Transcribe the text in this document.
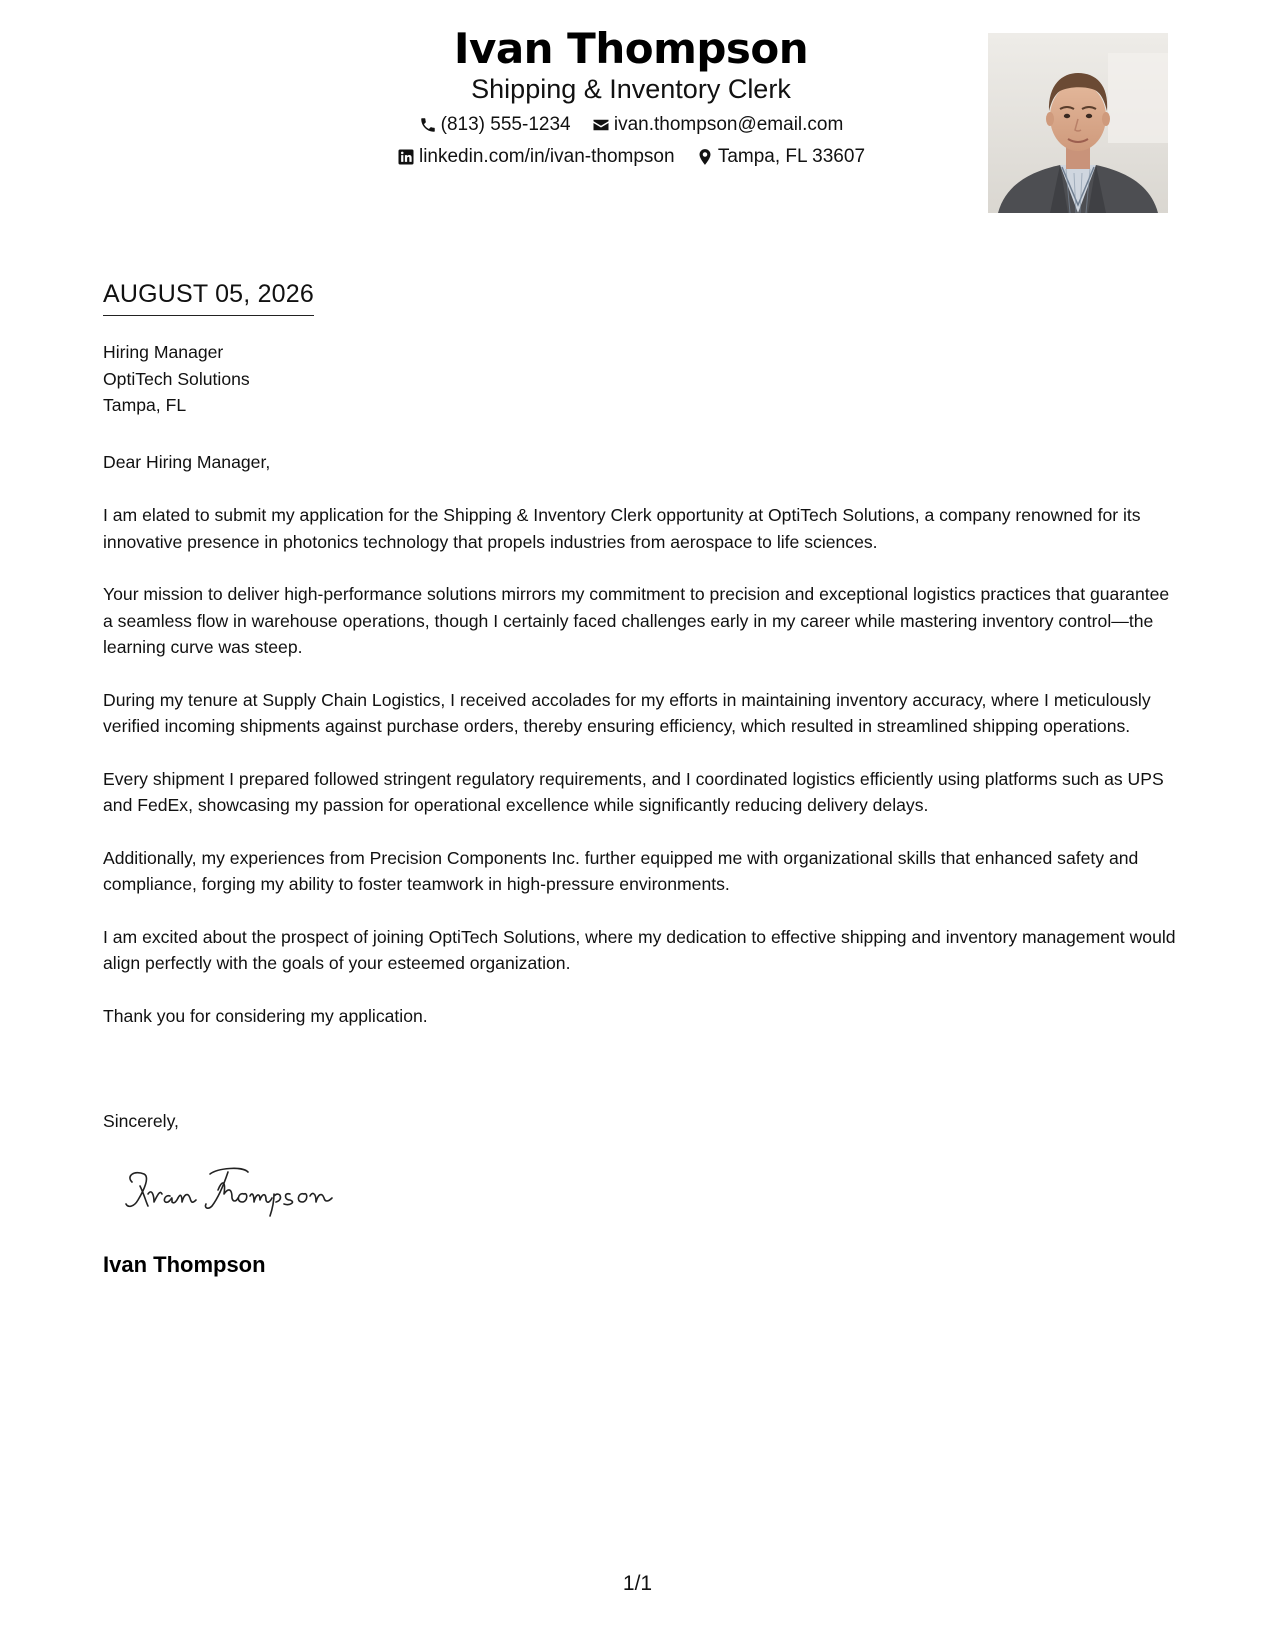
Ivan Thompson
Shipping & Inventory Clerk
(813) 555-1234
ivan.thompson@email.com
linkedin.com/in/ivan-thompson
Tampa, FL 33607
AUGUST 05, 2026
Hiring Manager
OptiTech Solutions
Tampa, FL
Dear Hiring Manager,

I am elated to submit my application for the Shipping & Inventory Clerk opportunity at OptiTech Solutions, a company renowned for its innovative presence in photonics technology that propels industries from aerospace to life sciences.

Your mission to deliver high-performance solutions mirrors my commitment to precision and exceptional logistics practices that guarantee a seamless flow in warehouse operations, though I certainly faced challenges early in my career while mastering inventory control—the learning curve was steep.

During my tenure at Supply Chain Logistics, I received accolades for my efforts in maintaining inventory accuracy, where I meticulously verified incoming shipments against purchase orders, thereby ensuring efficiency, which resulted in streamlined shipping operations.

Every shipment I prepared followed stringent regulatory requirements, and I coordinated logistics efficiently using platforms such as UPS and FedEx, showcasing my passion for operational excellence while significantly reducing delivery delays.

Additionally, my experiences from Precision Components Inc. further equipped me with organizational skills that enhanced safety and compliance, forging my ability to foster teamwork in high-pressure environments.

I am excited about the prospect of joining OptiTech Solutions, where my dedication to effective shipping and inventory management would align perfectly with the goals of your esteemed organization.

Thank you for considering my application.

Sincerely,
Ivan Thompson
1/1
